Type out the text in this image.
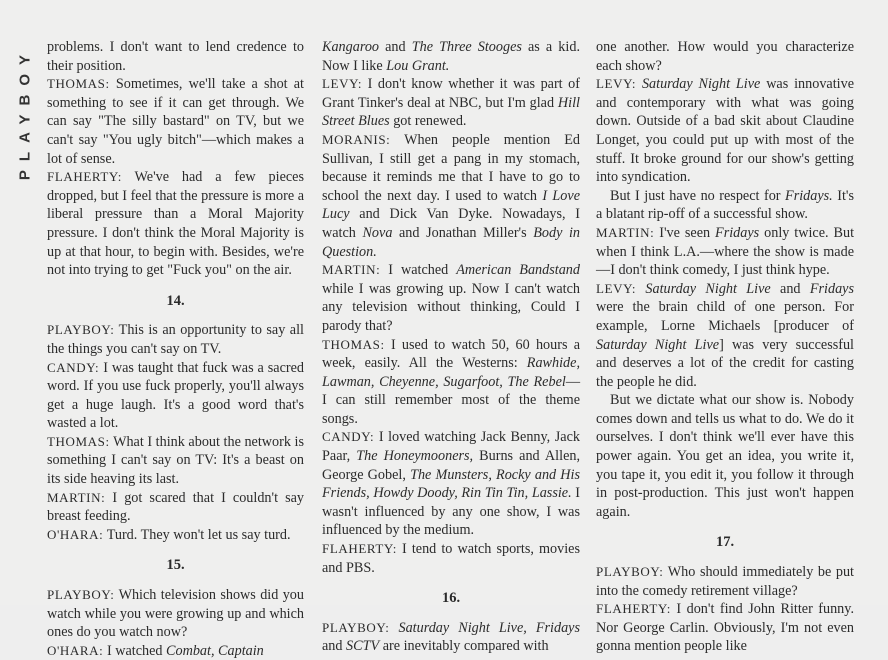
PLAYBOY problems. I don't want to lend credence to their position.

THOMAS: Sometimes, we'll take a shot at something to see if it can get through. We can say "The silly bastard" on TV, but we can't say "You ugly bitch"—which makes a lot of sense.

FLAHERTY: We've had a few pieces dropped, but I feel that the pressure is more a liberal pressure than a Moral Majority pressure. I don't think the Moral Majority is up at that hour, to begin with. Besides, we're not into trying to get "Fuck you" on the air.

14.

PLAYBOY: This is an opportunity to say all the things you can't say on TV.

CANDY: I was taught that fuck was a sacred word. If you use fuck properly, you'll always get a huge laugh. It's a good word that's wasted a lot.

THOMAS: What I think about the network is something I can't say on TV: It's a beast on its side heaving its last.

MARTIN: I got scared that I couldn't say breast feeding.

O'HARA: Turd. They won't let us say turd.

15.

PLAYBOY: Which television shows did you watch while you were growing up and which ones do you watch now?

O'HARA: I watched Combat, Captain

Kangaroo and The Three Stooges as a kid. Now I like Lou Grant.

LEVY: I don't know whether it was part of Grant Tinker's deal at NBC, but I'm glad Hill Street Blues got renewed.

MORANIS: When people mention Ed Sullivan, I still get a pang in my stomach, because it reminds me that I have to go to school the next day. I used to watch I Love Lucy and Dick Van Dyke. Nowadays, I watch Nova and Jonathan Miller's Body in Question.

MARTIN: I watched American Bandstand while I was growing up. Now I can't watch any television without thinking, Could I parody that?

THOMAS: I used to watch 50, 60 hours a week, easily. All the Westerns: Rawhide, Lawman, Cheyenne, Sugarfoot, The Rebel—I can still remember most of the theme songs.

CANDY: I loved watching Jack Benny, Jack Paar, The Honeymooners, Burns and Allen, George Gobel, The Munsters, Rocky and His Friends, Howdy Doody, Rin Tin Tin, Lassie. I wasn't influenced by any one show, I was influenced by the medium.

FLAHERTY: I tend to watch sports, movies and PBS.

16.

PLAYBOY: Saturday Night Live, Fridays and SCTV are inevitably compared with

one another. How would you characterize each show?

LEVY: Saturday Night Live was innovative and contemporary with what was going down. Outside of a bad skit about Claudine Longet, you could put up with most of the stuff. It broke ground for our show's getting into syndication.

But I just have no respect for Fridays. It's a blatant rip-off of a successful show.

MARTIN: I've seen Fridays only twice. But when I think L.A.—where the show is made—I don't think comedy, I just think hype.

LEVY: Saturday Night Live and Fridays were the brain child of one person. For example, Lorne Michaels [producer of Saturday Night Live] was very successful and deserves a lot of the credit for casting the people he did.

But we dictate what our show is. Nobody comes down and tells us what to do. We do it ourselves. I don't think we'll ever have this power again. You get an idea, you write it, you tape it, you edit it, you follow it through in post-production. This just won't happen again.

17.

PLAYBOY: Who should immediately be put into the comedy retirement village?

FLAHERTY: I don't find John Ritter funny. Nor George Carlin. Obviously, I'm not even gonna mention people like
